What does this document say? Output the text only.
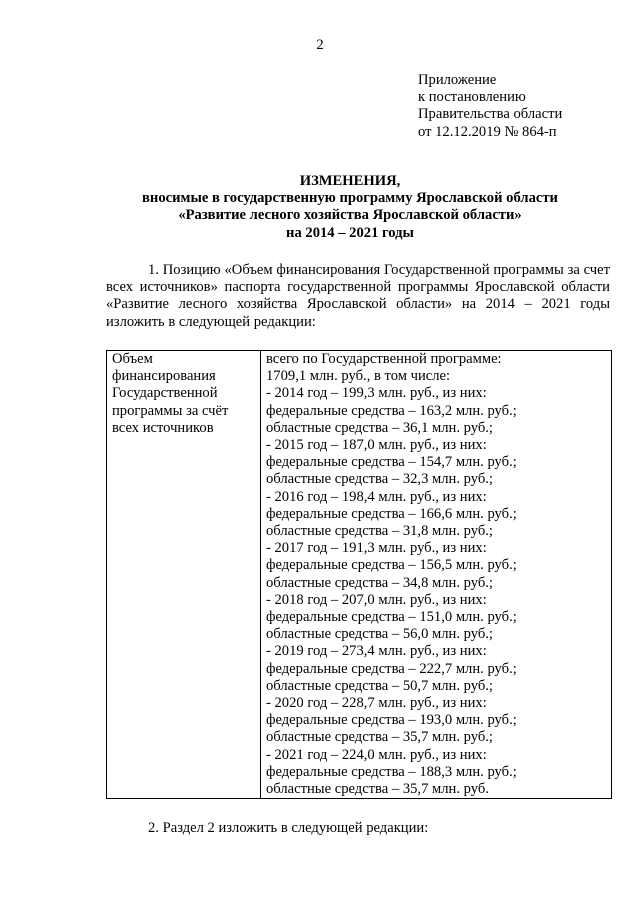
2
Приложение
к постановлению
Правительства области
от 12.12.2019 № 864-п
ИЗМЕНЕНИЯ,
вносимые в государственную программу Ярославской области
«Развитие лесного хозяйства Ярославской области»
на 2014 – 2021 годы
1. Позицию «Объем финансирования Государственной программы за счет всех источников» паспорта государственной программы Ярославской области «Развитие лесного хозяйства Ярославской области» на 2014 – 2021 годы изложить в следующей редакции:
Объем
финансирования
Государственной
программы за счёт
всех источников
всего по Государственной программе:
1709,1 млн. руб., в том числе:
- 2014 год – 199,3 млн. руб., из них:
федеральные средства – 163,2 млн. руб.;
областные средства – 36,1 млн. руб.;
- 2015 год – 187,0 млн. руб., из них:
федеральные средства – 154,7 млн. руб.;
областные средства – 32,3 млн. руб.;
- 2016 год – 198,4 млн. руб., из них:
федеральные средства – 166,6 млн. руб.;
областные средства – 31,8 млн. руб.;
- 2017 год – 191,3 млн. руб., из них:
федеральные средства – 156,5 млн. руб.;
областные средства – 34,8 млн. руб.;
- 2018 год – 207,0 млн. руб., из них:
федеральные средства – 151,0 млн. руб.;
областные средства – 56,0 млн. руб.;
- 2019 год – 273,4 млн. руб., из них:
федеральные средства – 222,7 млн. руб.;
областные средства – 50,7 млн. руб.;
- 2020 год – 228,7 млн. руб., из них:
федеральные средства – 193,0 млн. руб.;
областные средства – 35,7 млн. руб.;
- 2021 год – 224,0 млн. руб., из них:
федеральные средства – 188,3 млн. руб.;
областные средства – 35,7 млн. руб.
2. Раздел 2 изложить в следующей редакции:
